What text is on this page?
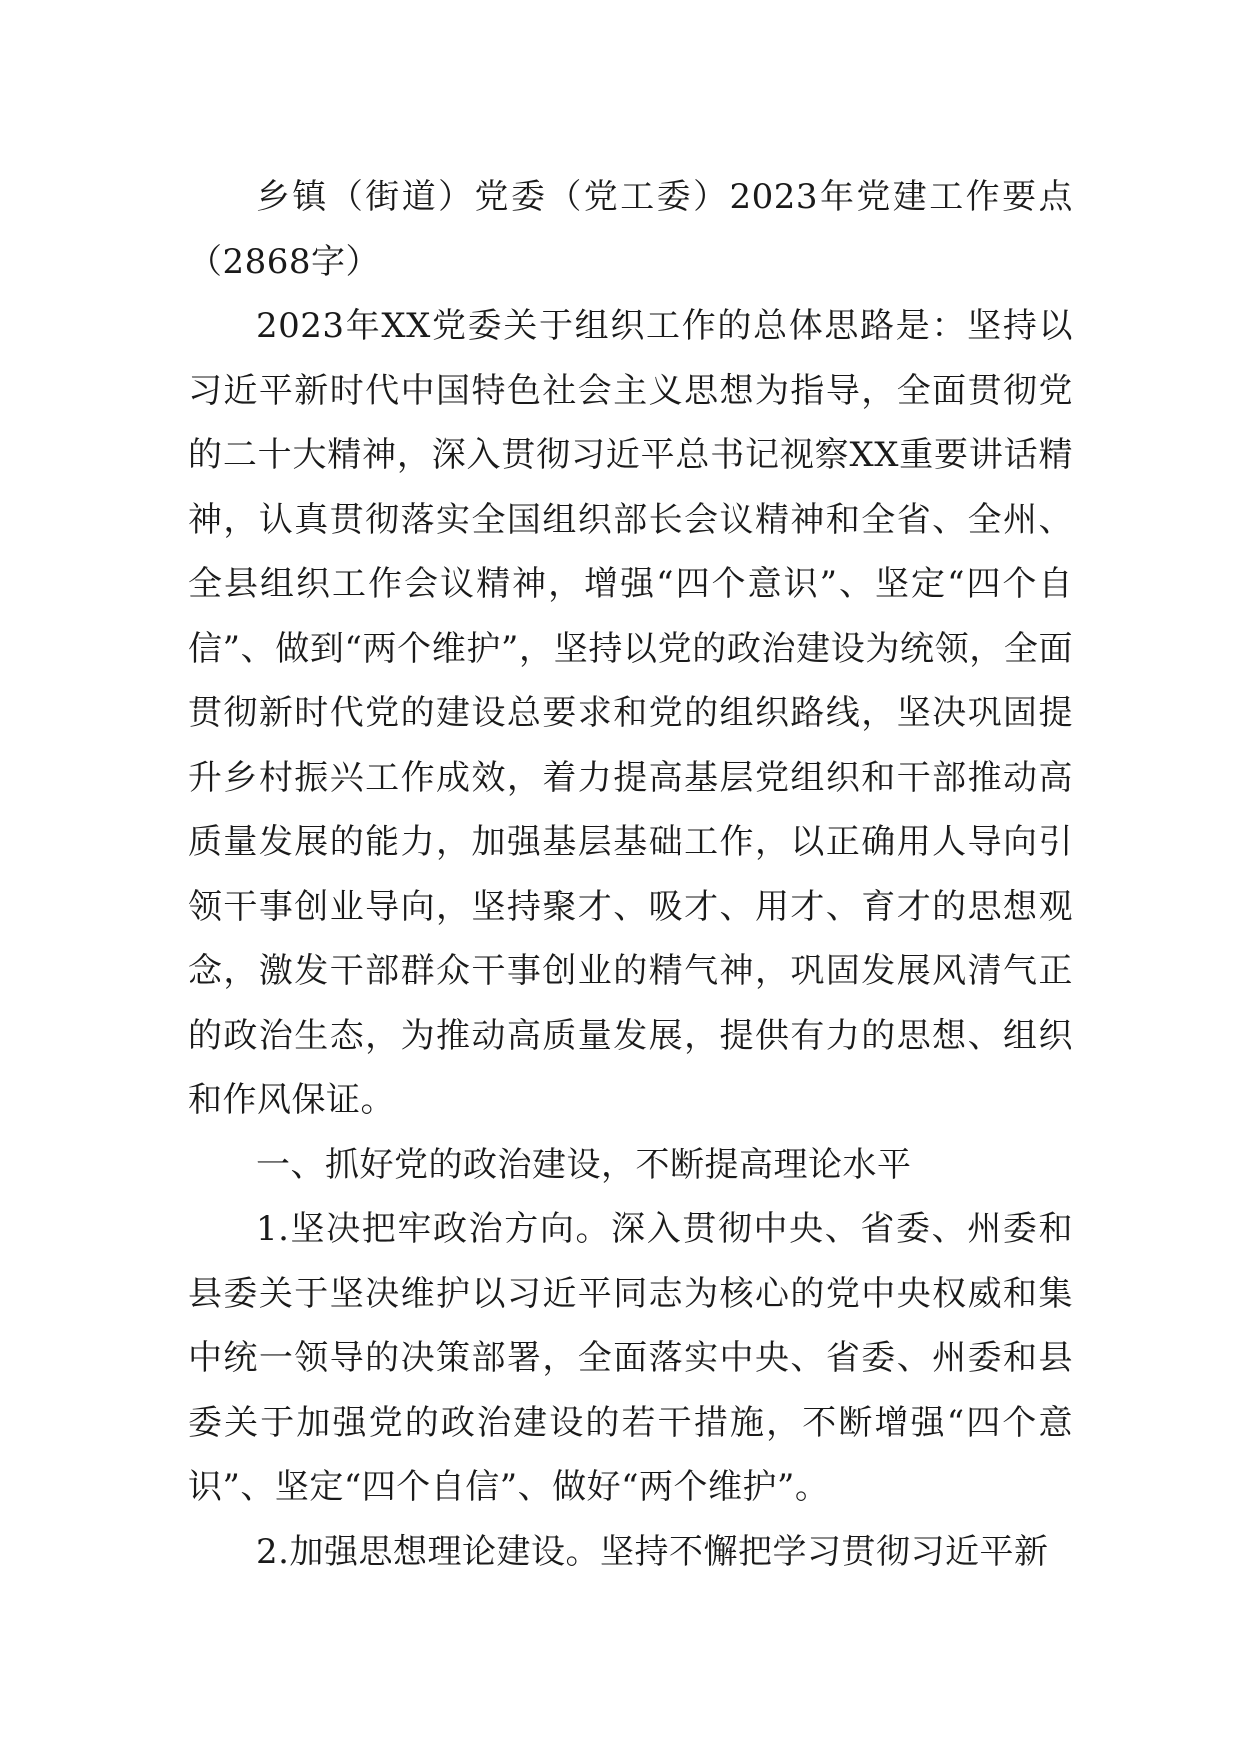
乡镇（街道）党委（党工委）2023年党建工作要点（2868字）

2023年XX党委关于组织工作的总体思路是：坚持以习近平新时代中国特色社会主义思想为指导，全面贯彻党的二十大精神，深入贯彻习近平总书记视察XX重要讲话精神，认真贯彻落实全国组织部长会议精神和全省、全州、全县组织工作会议精神，增强“四个意识”、坚定“四个自信”、做到“两个维护”，坚持以党的政治建设为统领，全面贯彻新时代党的建设总要求和党的组织路线，坚决巩固提升乡村振兴工作成效，着力提高基层党组织和干部推动高质量发展的能力，加强基层基础工作，以正确用人导向引领干事创业导向，坚持聚才、吸才、用才、育才的思想观念，激发干部群众干事创业的精气神，巩固发展风清气正的政治生态，为推动高质量发展，提供有力的思想、组织和作风保证。

一、抓好党的政治建设，不断提高理论水平

1.坚决把牢政治方向。深入贯彻中央、省委、州委和县委关于坚决维护以习近平同志为核心的党中央权威和集中统一领导的决策部署，全面落实中央、省委、州委和县委关于加强党的政治建设的若干措施，不断增强“四个意识”、坚定“四个自信”、做好“两个维护”。

2.加强思想理论建设。坚持不懈把学习贯彻习近平新
